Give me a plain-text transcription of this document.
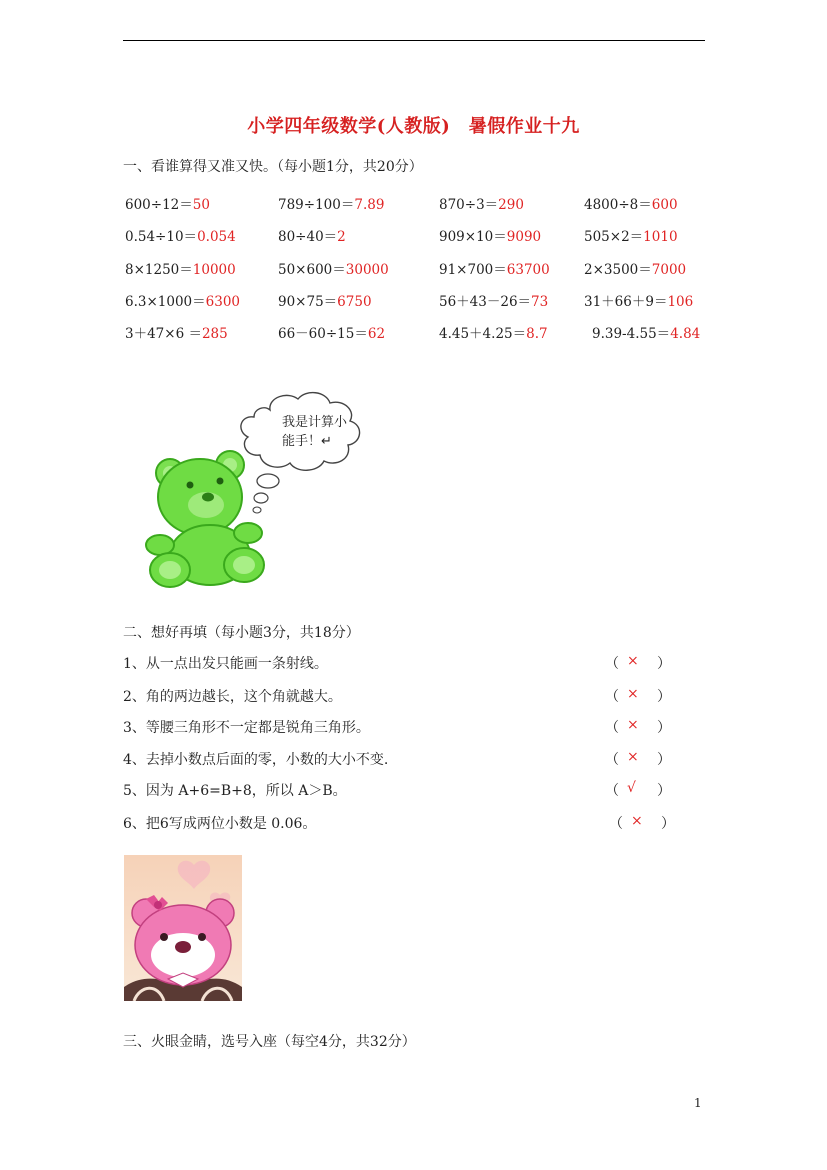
小学四年级数学(人教版)　暑假作业十九
一、看谁算得又准又快。（每小题1分，共20分）
600÷12＝50	789÷100＝7.89	870÷3＝290	4800÷8＝600
0.54÷10＝0.054	80÷40＝2	909×10＝9090	505×2＝1010
8×1250＝10000	50×600＝30000	91×700＝63700	2×3500＝7000
6.3×1000＝6300	90×75＝6750	56＋43－26＝73	31＋66＋9＝106
3＋47×6 ＝285	66－60÷15＝62	4.45＋4.25＝8.7	9.39-4.55＝4.84
我是计算小
能手！↵
二、想好再填（每小题3分，共18分）
1、从一点出发只能画一条射线。	（ × ）
2、角的两边越长，这个角就越大。	（ × ）
3、等腰三角形不一定都是锐角三角形。	（ × ）
4、去掉小数点后面的零，小数的大小不变.	（ × ）
5、因为 A+6=B+8，所以 A＞B。	（ √ ）
6、把6写成两位小数是 0.06。	（ × ）
三、火眼金睛，选号入座（每空4分，共32分）
1
